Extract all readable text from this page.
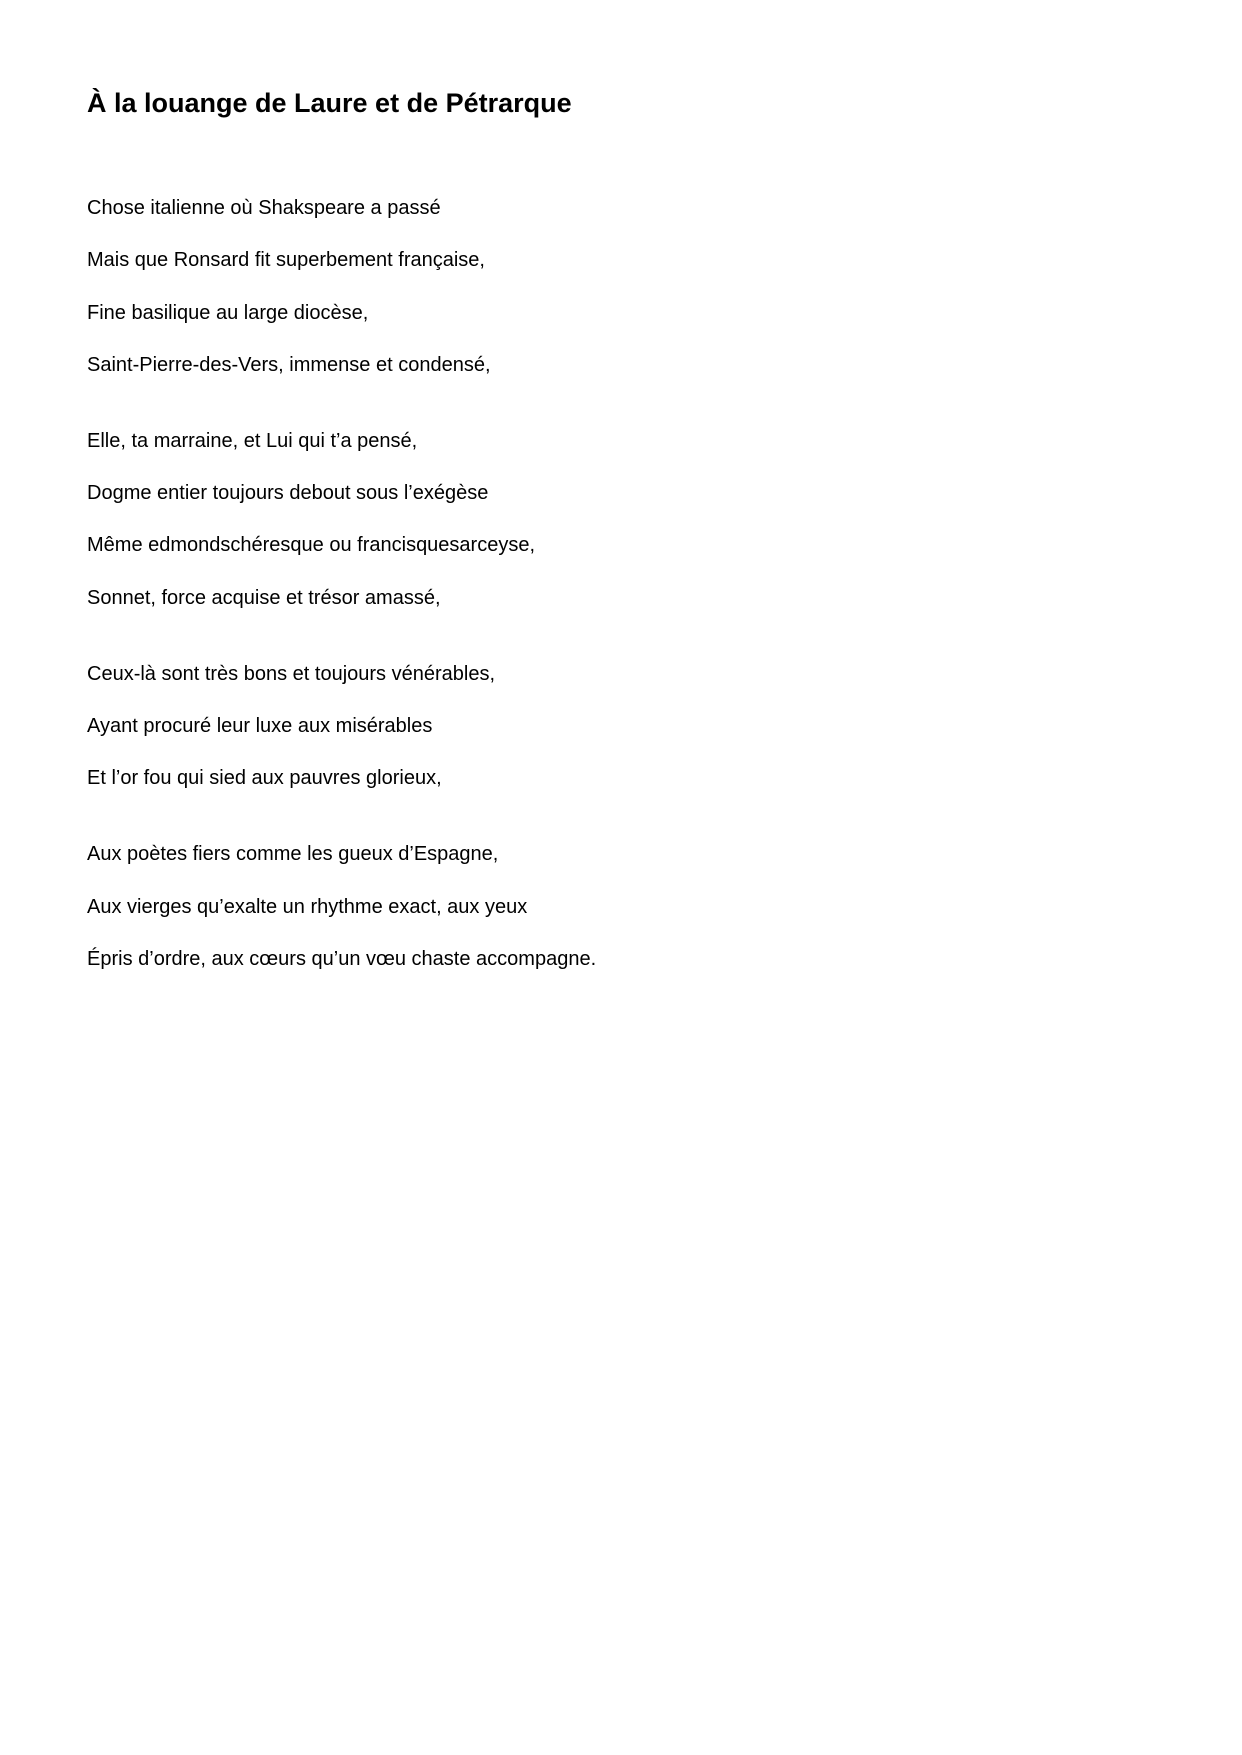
À la louange de Laure et de Pétrarque
Chose italienne où Shakspeare a passé
Mais que Ronsard fit superbement française,
Fine basilique au large diocèse,
Saint-Pierre-des-Vers, immense et condensé,
Elle, ta marraine, et Lui qui t’a pensé,
Dogme entier toujours debout sous l’exégèse
Même edmondschéresque ou francisquesarceyse,
Sonnet, force acquise et trésor amassé,
Ceux-là sont très bons et toujours vénérables,
Ayant procuré leur luxe aux misérables
Et l’or fou qui sied aux pauvres glorieux,
Aux poètes fiers comme les gueux d’Espagne,
Aux vierges qu’exalte un rhythme exact, aux yeux
Épris d’ordre, aux cœurs qu’un vœu chaste accompagne.
